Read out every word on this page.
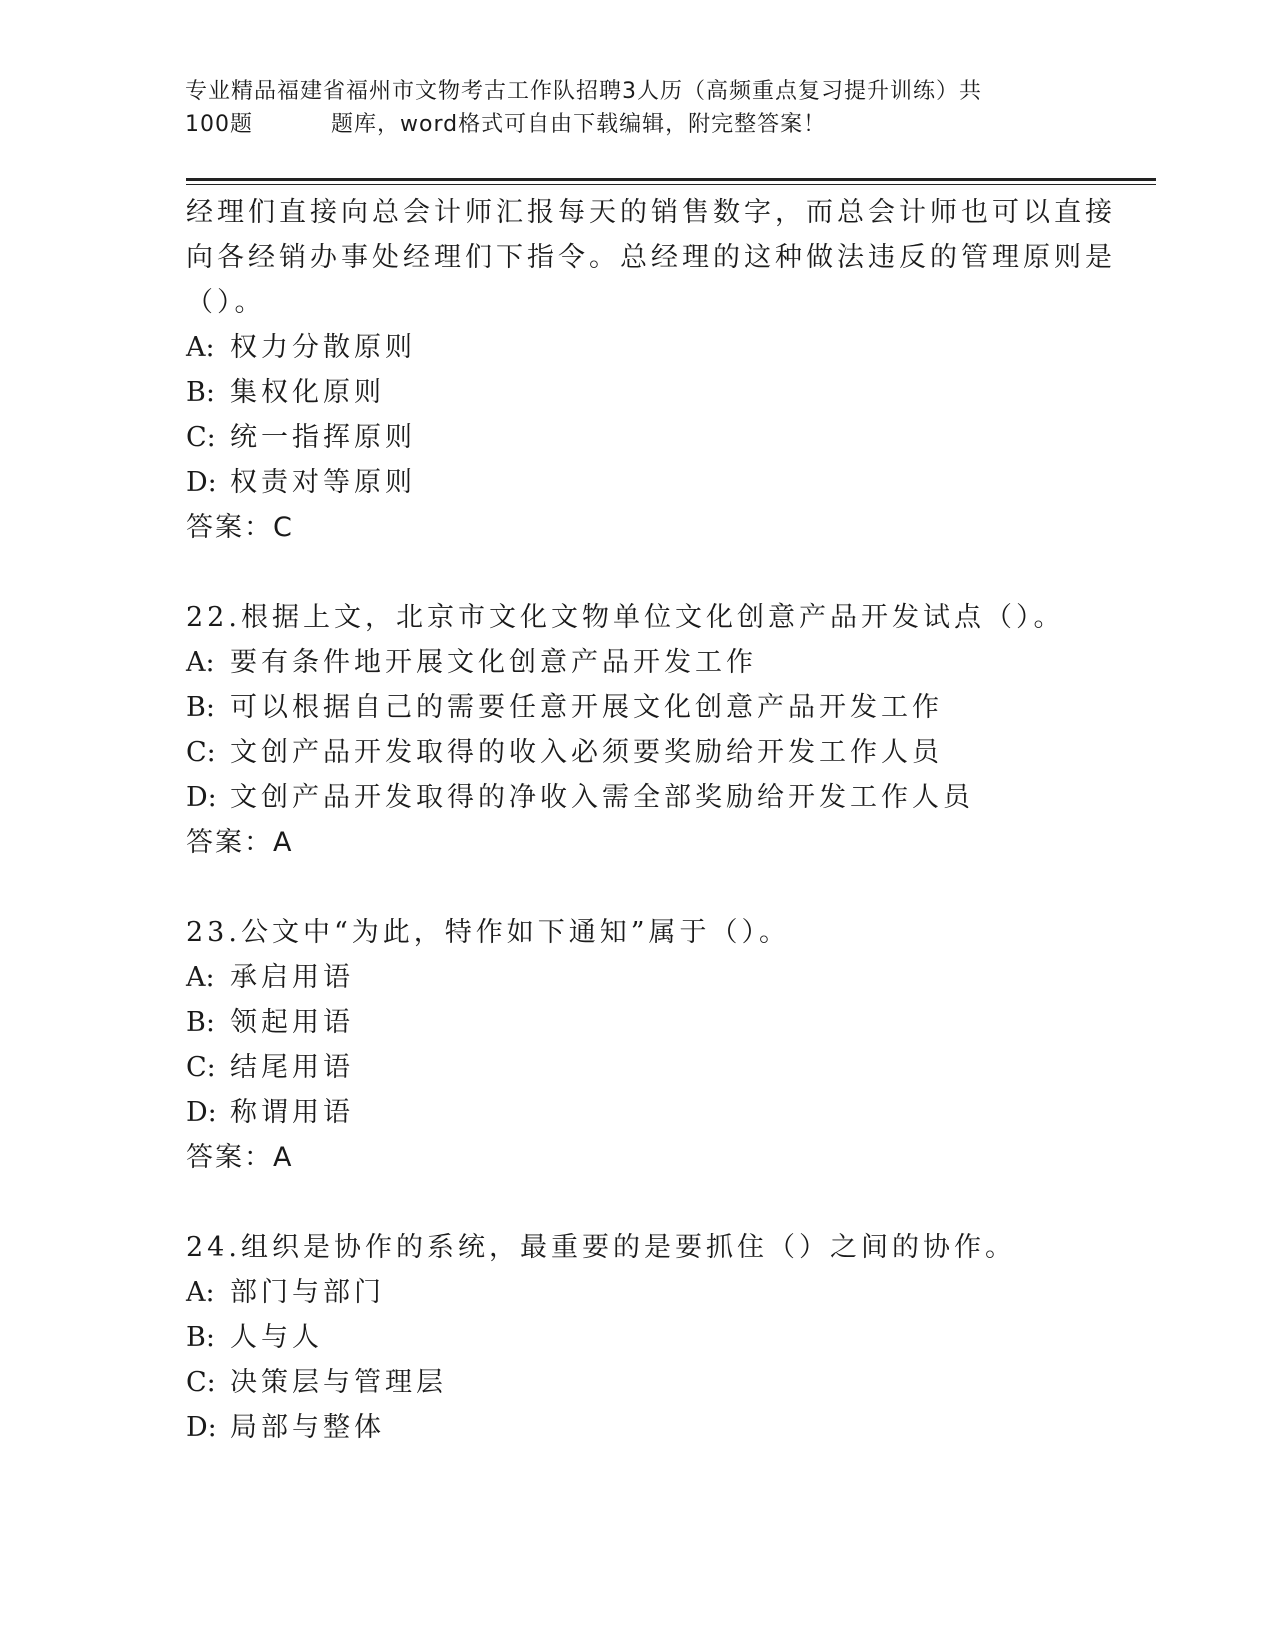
专业精品福建省福州市文物考古工作队招聘3人历（高频重点复习提升训练）共
100题	题库，word格式可自由下载编辑，附完整答案！
经理们直接向总会计师汇报每天的销售数字，而总会计师也可以直接
向各经销办事处经理们下指令。总经理的这种做法违反的管理原则是
（）。
A: 权力分散原则
B: 集权化原则
C: 统一指挥原则
D: 权责对等原则
答案：C
22.根据上文，北京市文化文物单位文化创意产品开发试点（）。
A: 要有条件地开展文化创意产品开发工作
B: 可以根据自己的需要任意开展文化创意产品开发工作
C: 文创产品开发取得的收入必须要奖励给开发工作人员
D: 文创产品开发取得的净收入需全部奖励给开发工作人员
答案：A
23.公文中“为此，特作如下通知”属于（）。
A: 承启用语
B: 领起用语
C: 结尾用语
D: 称谓用语
答案：A
24.组织是协作的系统，最重要的是要抓住（）之间的协作。
A: 部门与部门
B: 人与人
C: 决策层与管理层
D: 局部与整体
